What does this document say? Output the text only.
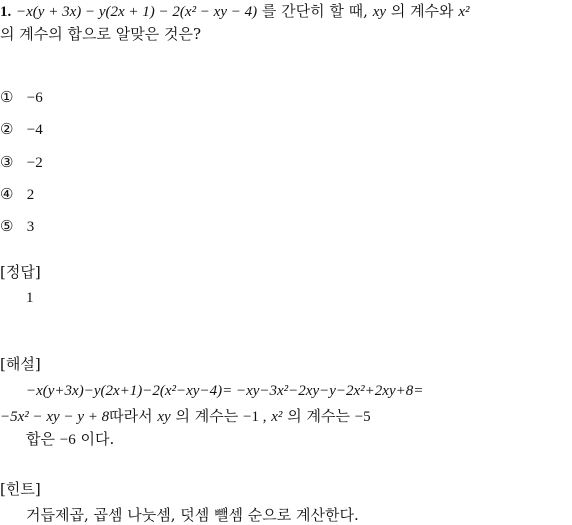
1. −x(y + 3x) − y(2x + 1) − 2(x² − xy − 4) 를 간단히 할 때, xy 의 계수와 x²
의 계수의 합으로 알맞은 것은?
① −6
② −4
③ −2
④ 2
⑤ 3
[정답]
1
[해설]
−x(y+3x)−y(2x+1)−2(x²−xy−4)= −xy−3x²−2xy−y−2x²+2xy+8=
−5x² − xy − y + 8따라서 xy 의 계수는 −1 , x² 의 계수는 −5
합은 −6 이다.
[힌트]
거듭제곱, 곱셈 나눗셈, 덧셈 뺄셈 순으로 계산한다.
